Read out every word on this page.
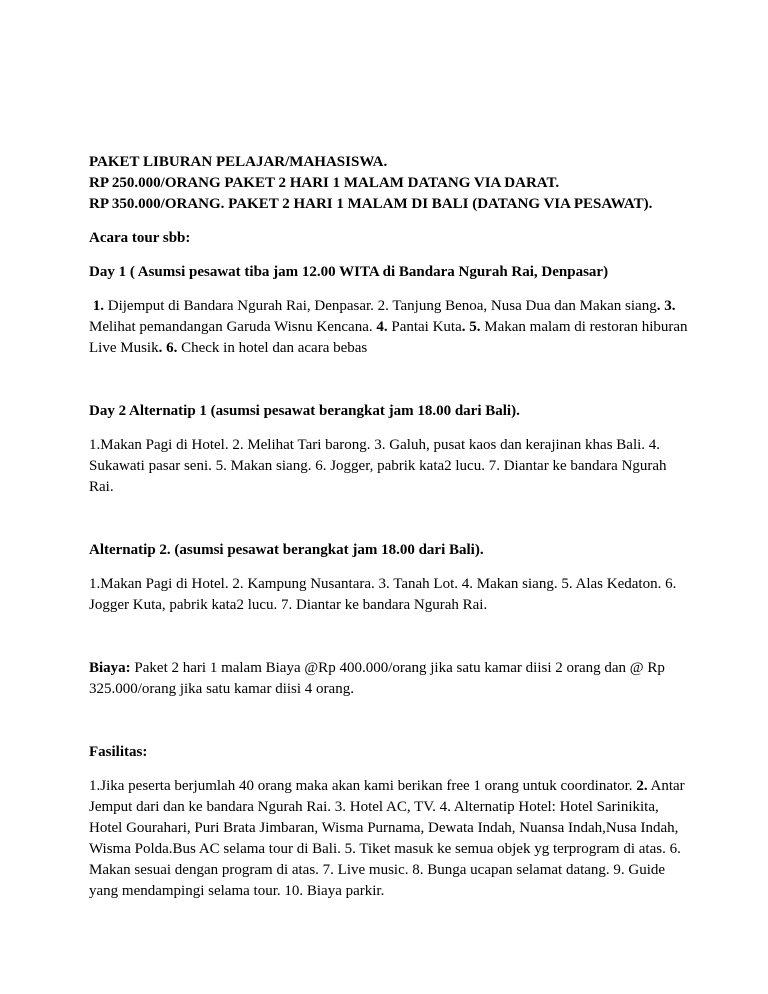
PAKET LIBURAN PELAJAR/MAHASISWA.

RP 250.000/ORANG PAKET 2 HARI 1 MALAM DATANG VIA DARAT.

RP 350.000/ORANG. PAKET 2 HARI 1 MALAM DI BALI (DATANG VIA PESAWAT).

Acara tour sbb:

Day 1 ( Asumsi pesawat tiba jam 12.00 WITA di Bandara Ngurah Rai, Denpasar)

1. Dijemput di Bandara Ngurah Rai, Denpasar. 2. Tanjung Benoa, Nusa Dua dan Makan siang. 3. Melihat pemandangan Garuda Wisnu Kencana. 4. Pantai Kuta. 5. Makan malam di restoran hiburan Live Musik. 6. Check in hotel dan acara bebas

Day 2 Alternatip 1 (asumsi pesawat berangkat jam 18.00 dari Bali).

1.Makan Pagi di Hotel. 2. Melihat Tari barong. 3. Galuh, pusat kaos dan kerajinan khas Bali. 4. Sukawati pasar seni. 5. Makan siang. 6. Jogger, pabrik kata2 lucu. 7. Diantar ke bandara Ngurah Rai.

Alternatip 2. (asumsi pesawat berangkat jam 18.00 dari Bali).

1.Makan Pagi di Hotel. 2. Kampung Nusantara. 3. Tanah Lot. 4. Makan siang. 5. Alas Kedaton. 6. Jogger Kuta, pabrik kata2 lucu. 7. Diantar ke bandara Ngurah Rai.

Biaya: Paket 2 hari 1 malam Biaya @Rp 400.000/orang jika satu kamar diisi 2 orang dan @ Rp 325.000/orang jika satu kamar diisi 4 orang.

Fasilitas:

1.Jika peserta berjumlah 40 orang maka akan kami berikan free 1 orang untuk coordinator. 2. Antar Jemput dari dan ke bandara Ngurah Rai. 3. Hotel AC, TV. 4. Alternatip Hotel: Hotel Sarinikita, Hotel Gourahari, Puri Brata Jimbaran, Wisma Purnama, Dewata Indah, Nuansa Indah,Nusa Indah, Wisma Polda.Bus AC selama tour di Bali. 5. Tiket masuk ke semua objek yg terprogram di atas. 6. Makan sesuai dengan program di atas. 7. Live music. 8. Bunga ucapan selamat datang. 9. Guide yang mendampingi selama tour. 10. Biaya parkir.
